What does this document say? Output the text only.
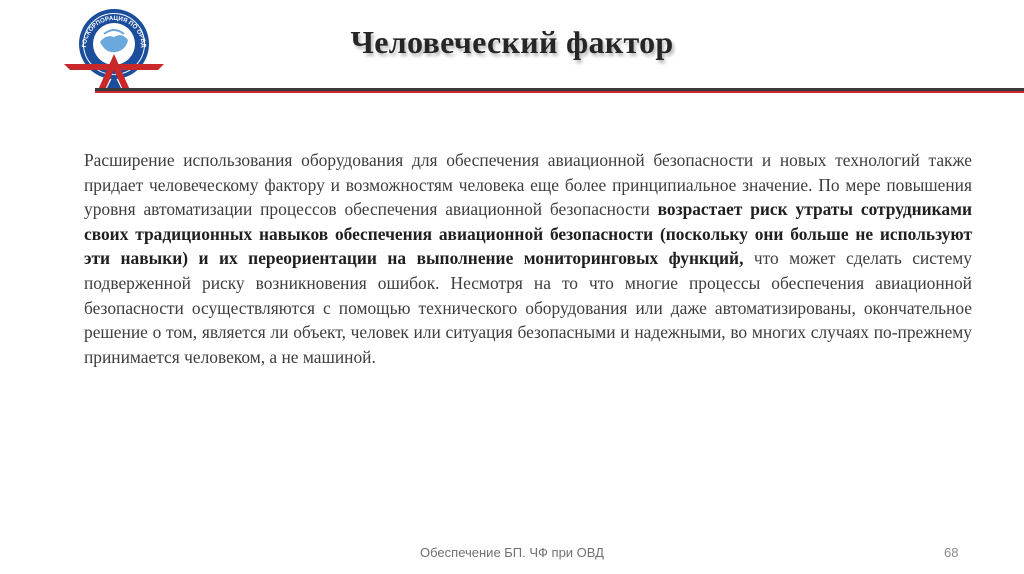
ГОСКОРПОРАЦИЯ ПО ОРВД	Человеческий фактор

Расширение использования оборудования для обеспечения авиационной безопасности и новых технологий также придает человеческому фактору и возможностям человека еще более принципиальное значение. По мере повышения уровня автоматизации процессов обеспечения авиационной безопасности возрастает риск утраты сотрудниками своих традиционных навыков обеспечения авиационной безопасности (поскольку они больше не используют эти навыки) и их переориентации на выполнение мониторинговых функций, что может сделать систему подверженной риску возникновения ошибок. Несмотря на то что многие процессы обеспечения авиационной безопасности осуществляются с помощью технического оборудования или даже автоматизированы, окончательное решение о том, является ли объект, человек или ситуация безопасными и надежными, во многих случаях по-прежнему принимается человеком, а не машиной.

Обеспечение БП. ЧФ при ОВД	68
